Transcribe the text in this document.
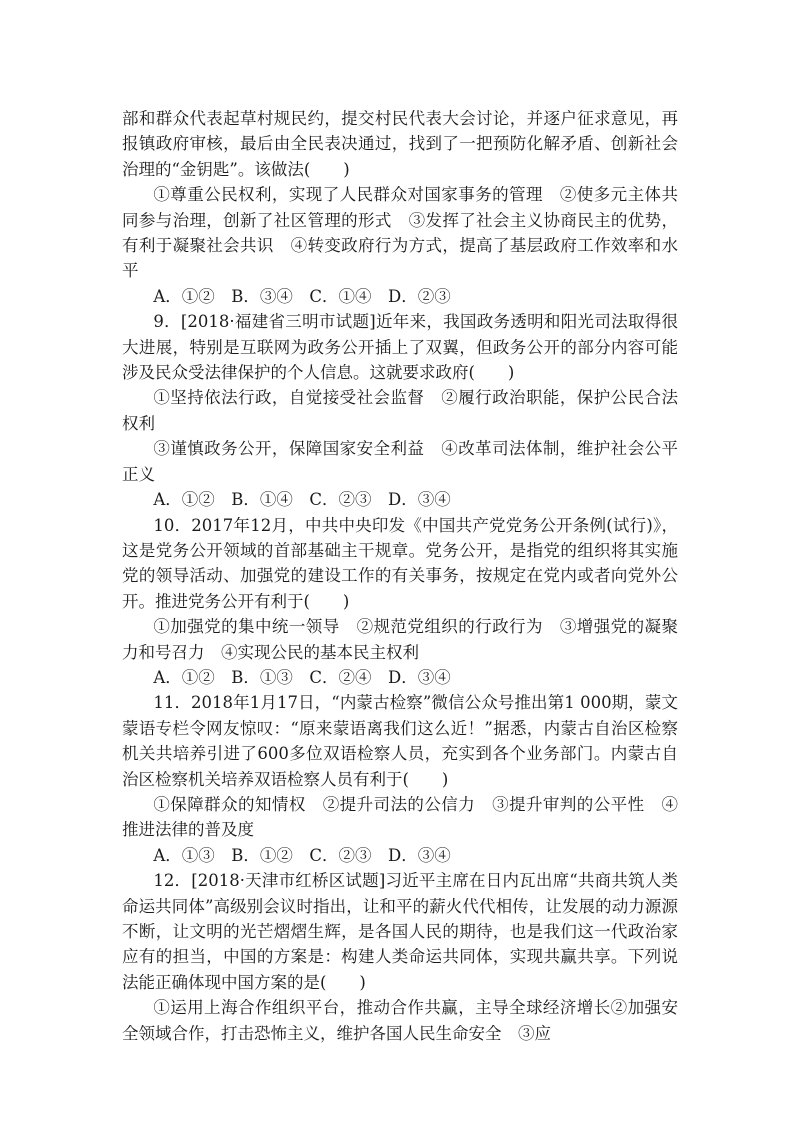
部和群众代表起草村规民约，提交村民代表大会讨论，并逐户征求意见，再报镇政府审核，最后由全民表决通过，找到了一把预防化解矛盾、创新社会治理的“金钥匙”。该做法(　　)

①尊重公民权利，实现了人民群众对国家事务的管理　②使多元主体共同参与治理，创新了社区管理的形式　③发挥了社会主义协商民主的优势，有利于凝聚社会共识　④转变政府行为方式，提高了基层政府工作效率和水平

A．①②　B．③④　C．①④　D．②③

9．[2018·福建省三明市试题]近年来，我国政务透明和阳光司法取得很大进展，特别是互联网为政务公开插上了双翼，但政务公开的部分内容可能涉及民众受法律保护的个人信息。这就要求政府(　　)

①坚持依法行政，自觉接受社会监督　②履行政治职能，保护公民合法权利

③谨慎政务公开，保障国家安全利益　④改革司法体制，维护社会公平正义

A．①②　B．①④　C．②③　D．③④

10．2017年12月，中共中央印发《中国共产党党务公开条例(试行)》，这是党务公开领域的首部基础主干规章。党务公开，是指党的组织将其实施党的领导活动、加强党的建设工作的有关事务，按规定在党内或者向党外公开。推进党务公开有利于(　　)

①加强党的集中统一领导　②规范党组织的行政行为　③增强党的凝聚力和号召力　④实现公民的基本民主权利

A．①②　B．①③　C．②④　D．③④

11．2018年1月17日，“内蒙古检察”微信公众号推出第1 000期，蒙文蒙语专栏令网友惊叹：“原来蒙语离我们这么近！”据悉，内蒙古自治区检察机关共培养引进了600多位双语检察人员，充实到各个业务部门。内蒙古自治区检察机关培养双语检察人员有利于(　　)

①保障群众的知情权　②提升司法的公信力　③提升审判的公平性　④推进法律的普及度

A．①③　B．①②　C．②③　D．③④

12．[2018·天津市红桥区试题]习近平主席在日内瓦出席“共商共筑人类命运共同体”高级别会议时指出，让和平的薪火代代相传，让发展的动力源源不断，让文明的光芒熠熠生辉，是各国人民的期待，也是我们这一代政治家应有的担当，中国的方案是：构建人类命运共同体，实现共赢共享。下列说法能正确体现中国方案的是(　　)

①运用上海合作组织平台，推动合作共赢，主导全球经济增长②加强安全领域合作，打击恐怖主义，维护各国人民生命安全　③应
